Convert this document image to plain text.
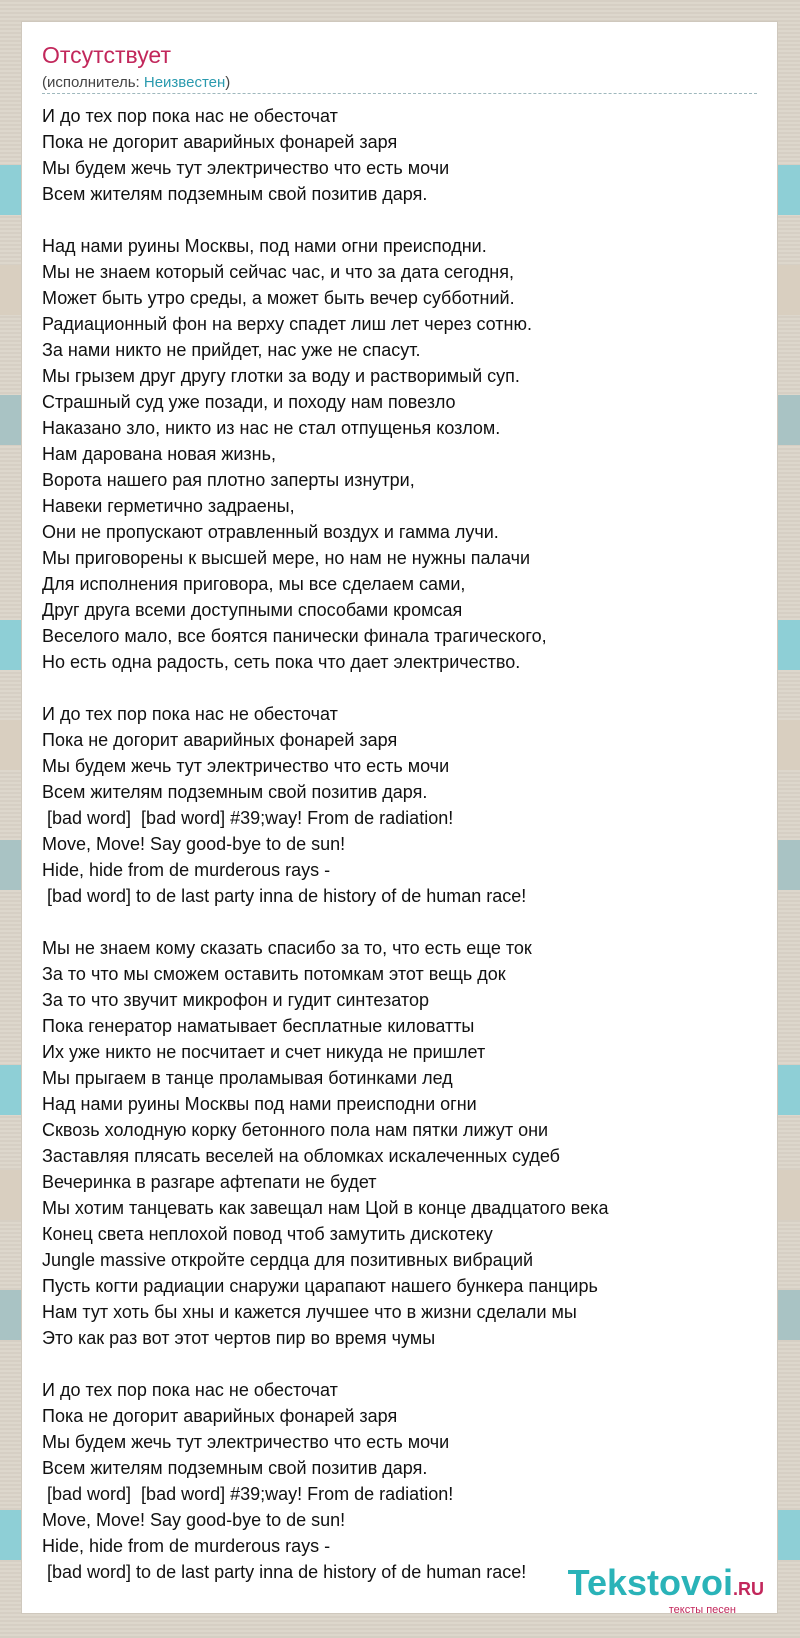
Отсутствует
(исполнитель: Неизвестен)
И до тех пор пока нас не обесточат
Пока не догорит аварийных фонарей заря
Мы будем жечь тут электричество что есть мочи
Всем жителям подземным свой позитив даря.
Над нами руины Москвы, под нами огни преисподни.
Мы не знаем который сейчас час, и что за дата сегодня,
Может быть утро среды, а может быть вечер субботний.
Радиационный фон на верху спадет лиш лет через сотню.
За нами никто не прийдет, нас уже не спасут.
Мы грызем друг другу глотки за воду и растворимый суп.
Страшный суд уже позади, и походу нам повезло
Наказано зло, никто из нас не стал отпущенья козлом.
Нам дарована новая жизнь,
Ворота нашего рая плотно заперты изнутри,
Навеки герметично задраены,
Они не пропускают отравленный воздух и гамма лучи.
Мы приговорены к высшей мере, но нам не нужны палачи
Для исполнения приговора, мы все сделаем сами,
Друг друга всеми доступными способами кромсая
Веселого мало, все боятся панически финала трагического,
Но есть одна радость, сеть пока что дает электричество.
И до тех пор пока нас не обесточат
Пока не догорит аварийных фонарей заря
Мы будем жечь тут электричество что есть мочи
Всем жителям подземным свой позитив даря.
[bad word]  [bad word] #39;way! From de radiation!
Move, Move! Say good-bye to de sun!
Hide, hide from de murderous rays -
[bad word] to de last party inna de history of de human race!
Мы не знаем кому сказать спасибо за то, что есть еще ток
За то что мы сможем оставить потомкам этот вещь док
За то что звучит микрофон и гудит синтезатор
Пока генератор наматывает бесплатные киловатты
Их уже никто не посчитает и счет никуда не пришлет
Мы прыгаем в танце проламывая ботинками лед
Над нами руины Москвы под нами преисподни огни
Сквозь холодную корку бетонного пола нам пятки лижут они
Заставляя плясать веселей на обломках искалеченных судеб
Вечеринка в разгаре афтепати не будет
Мы хотим танцевать как завещал нам Цой в конце двадцатого века
Конец света неплохой повод чтоб замутить дискотеку
Jungle massive откройте сердца для позитивных вибраций
Пусть когти радиации снаружи царапают нашего бункера панцирь
Нам тут хоть бы хны и кажется лучшее что в жизни сделали мы
Это как раз вот этот чертов пир во время чумы
И до тех пор пока нас не обесточат
Пока не догорит аварийных фонарей заря
Мы будем жечь тут электричество что есть мочи
Всем жителям подземным свой позитив даря.
[bad word]  [bad word] #39;way! From de radiation!
Move, Move! Say good-bye to de sun!
Hide, hide from de murderous rays -
[bad word] to de last party inna de history of de human race!	Tekstovoi.RU
тексты песен
